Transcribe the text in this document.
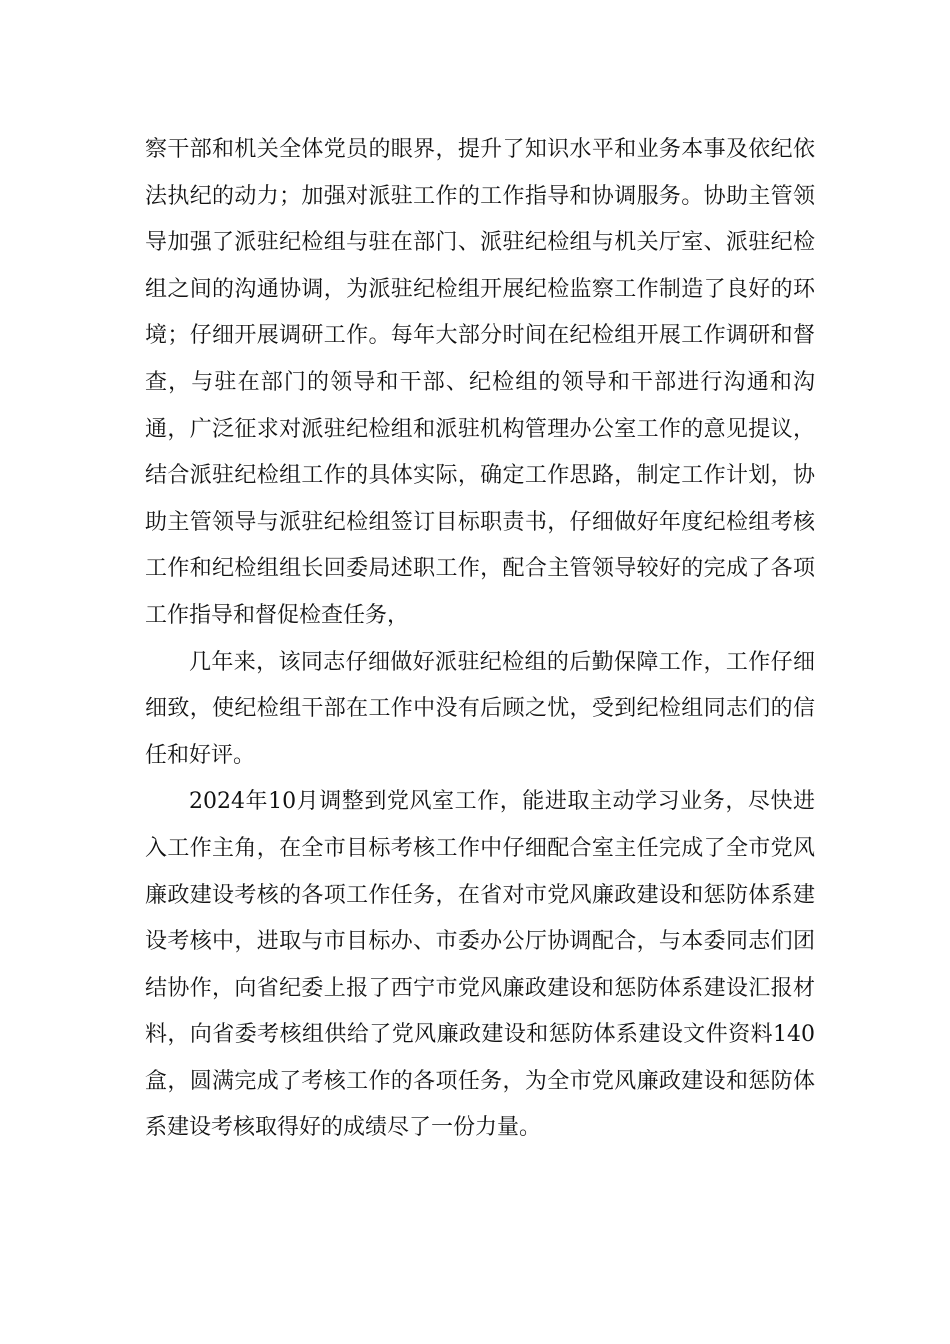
察干部和机关全体党员的眼界，提升了知识水平和业务本事及依纪依法执纪的动力；加强对派驻工作的工作指导和协调服务。协助主管领导加强了派驻纪检组与驻在部门、派驻纪检组与机关厅室、派驻纪检组之间的沟通协调，为派驻纪检组开展纪检监察工作制造了良好的环境；仔细开展调研工作。每年大部分时间在纪检组开展工作调研和督查，与驻在部门的领导和干部、纪检组的领导和干部进行沟通和沟通，广泛征求对派驻纪检组和派驻机构管理办公室工作的意见提议，结合派驻纪检组工作的具体实际，确定工作思路，制定工作计划，协助主管领导与派驻纪检组签订目标职责书，仔细做好年度纪检组考核工作和纪检组组长回委局述职工作，配合主管领导较好的完成了各项工作指导和督促检查任务，

几年来，该同志仔细做好派驻纪检组的后勤保障工作，工作仔细细致，使纪检组干部在工作中没有后顾之忧，受到纪检组同志们的信任和好评。

2024年10月调整到党风室工作，能进取主动学习业务，尽快进入工作主角，在全市目标考核工作中仔细配合室主任完成了全市党风廉政建设考核的各项工作任务，在省对市党风廉政建设和惩防体系建设考核中，进取与市目标办、市委办公厅协调配合，与本委同志们团结协作，向省纪委上报了西宁市党风廉政建设和惩防体系建设汇报材料，向省委考核组供给了党风廉政建设和惩防体系建设文件资料140盒，圆满完成了考核工作的各项任务，为全市党风廉政建设和惩防体系建设考核取得好的成绩尽了一份力量。
